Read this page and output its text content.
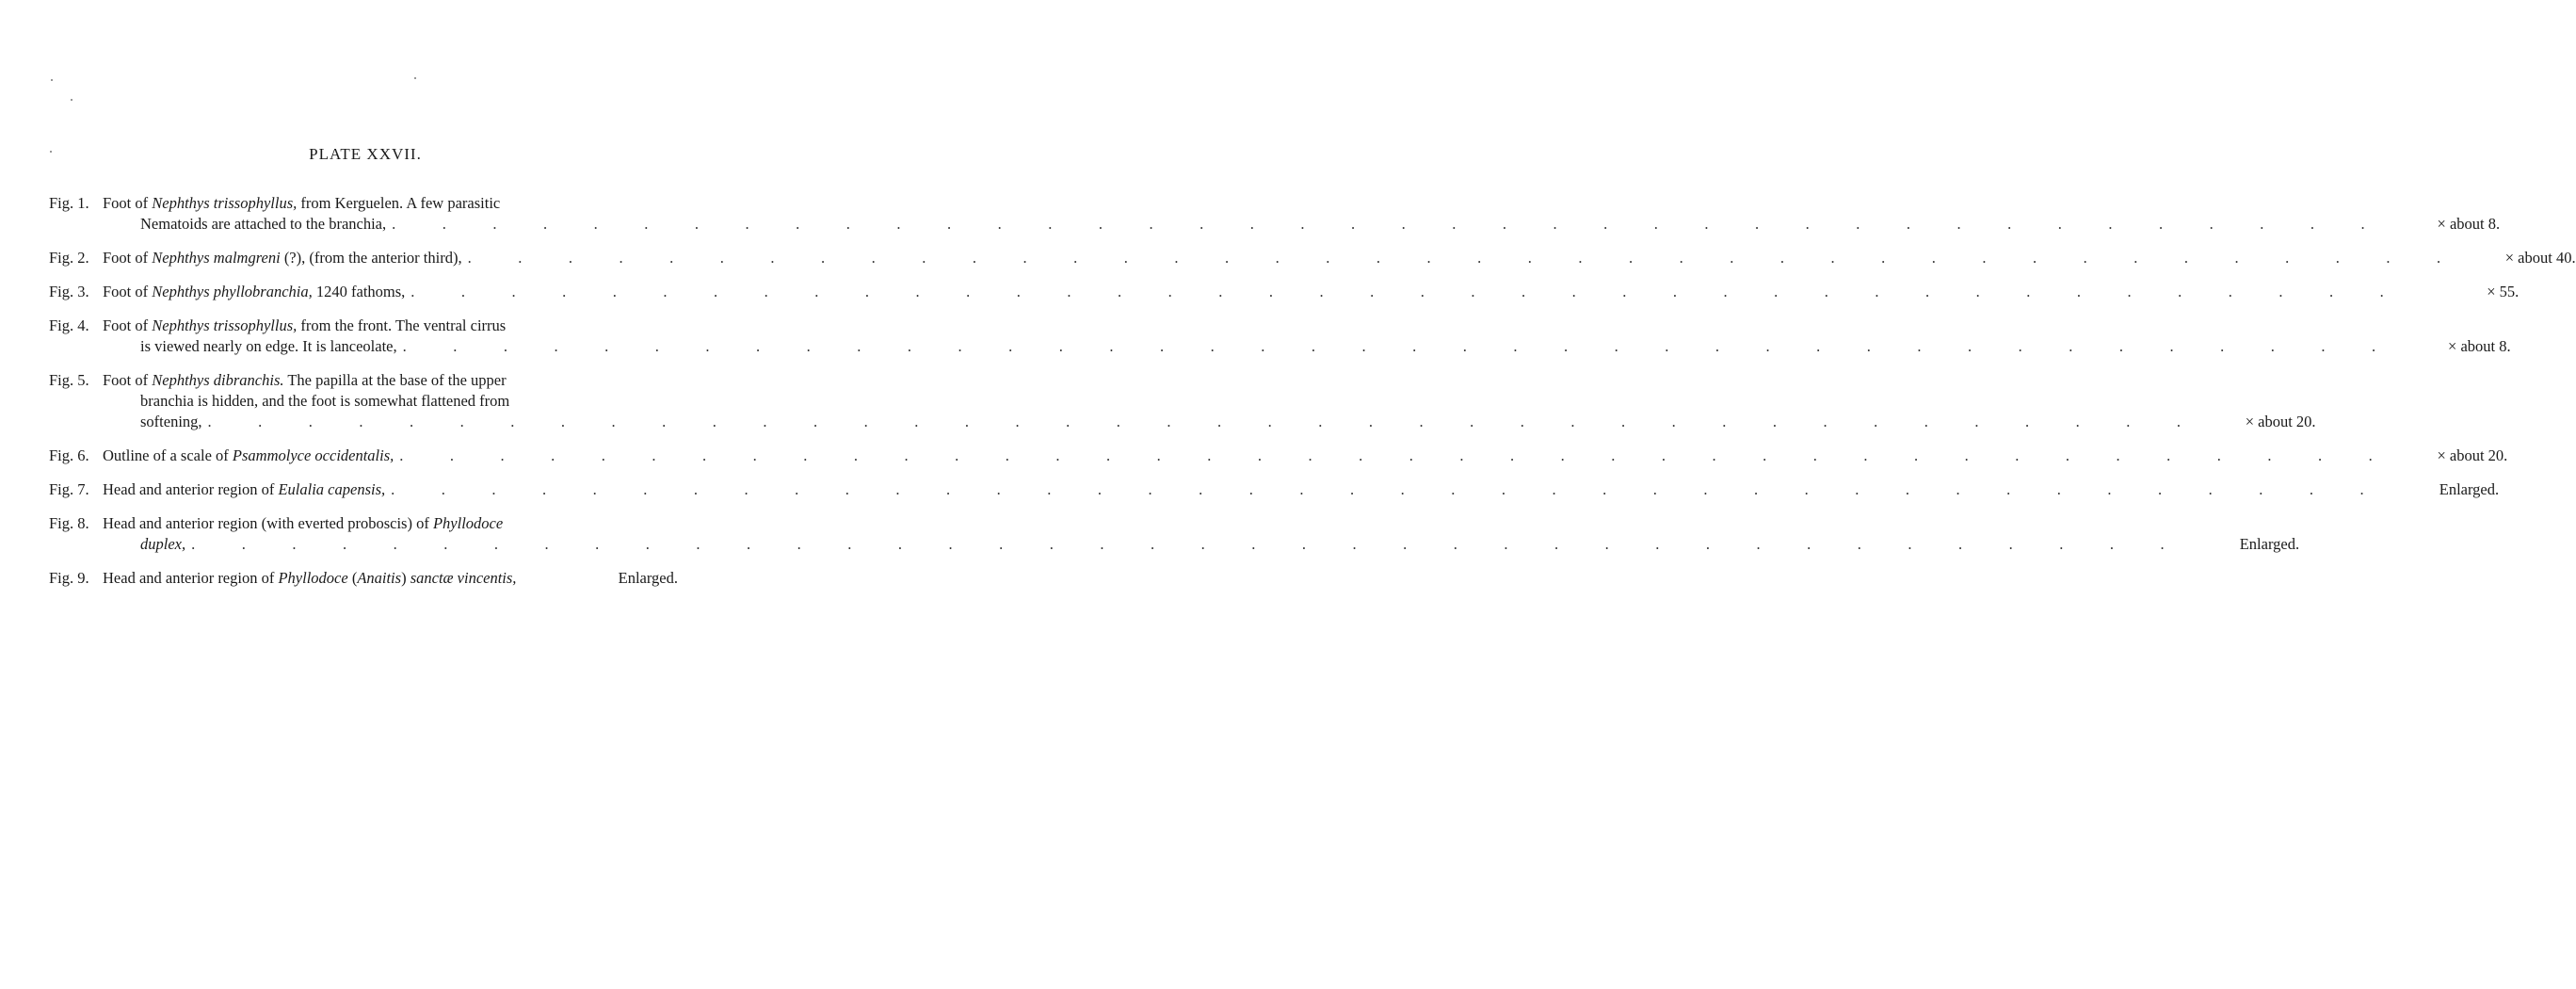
PLATE XXVII.
Fig. 1. Foot of Nephthys trissophyllus, from Kerguelen. A few parasitic
Nematoids are attached to the branchia, .   .   .   .   .   .   .   .   .   .   .   .   .   .   .   .   .   .   .   .   .   .   .   .   .   .   .   .   .   .   .   .   .   .   .   .   .   .   .   .   	× about 8.
Fig. 2. Foot of Nephthys malmgreni (?), (from the anterior third), .   .   .   .   .   .   .   .   .   .   .   .   .   .   .   .   .   .   .   .   .   .   .   .   .   .   .   .   .   .   .   .   .   .   .   .   .   .   .   .   	× about 40.
Fig. 3. Foot of Nephthys phyllobranchia, 1240 fathoms, .   .   .   .   .   .   .   .   .   .   .   .   .   .   .   .   .   .   .   .   .   .   .   .   .   .   .   .   .   .   .   .   .   .   .   .   .   .   .   .   	× 55.
Fig. 4. Foot of Nephthys trissophyllus, from the front. The ventral cirrus
is viewed nearly on edge. It is lanceolate, .   .   .   .   .   .   .   .   .   .   .   .   .   .   .   .   .   .   .   .   .   .   .   .   .   .   .   .   .   .   .   .   .   .   .   .   .   .   .   .   	× about 8.
Fig. 5. Foot of Nephthys dibranchis. The papilla at the base of the upper
branchia is hidden, and the foot is somewhat flattened from
softening, .   .   .   .   .   .   .   .   .   .   .   .   .   .   .   .   .   .   .   .   .   .   .   .   .   .   .   .   .   .   .   .   .   .   .   .   .   .   .   .   	× about 20.
Fig. 6. Outline of a scale of Psammolyce occidentalis, .   .   .   .   .   .   .   .   .   .   .   .   .   .   .   .   .   .   .   .   .   .   .   .   .   .   .   .   .   .   .   .   .   .   .   .   .   .   .   .   	× about 20.
Fig. 7. Head and anterior region of Eulalia capensis, .   .   .   .   .   .   .   .   .   .   .   .   .   .   .   .   .   .   .   .   .   .   .   .   .   .   .   .   .   .   .   .   .   .   .   .   .   .   .   .   	Enlarged.
Fig. 8. Head and anterior region (with everted proboscis) of Phyllodoce
duplex, .   .   .   .   .   .   .   .   .   .   .   .   .   .   .   .   .   .   .   .   .   .   .   .   .   .   .   .   .   .   .   .   .   .   .   .   .   .   .   .   	Enlarged.
Fig. 9. Head and anterior region of Phyllodoce (Anaitis) sanctæ vincentis,	Enlarged.
